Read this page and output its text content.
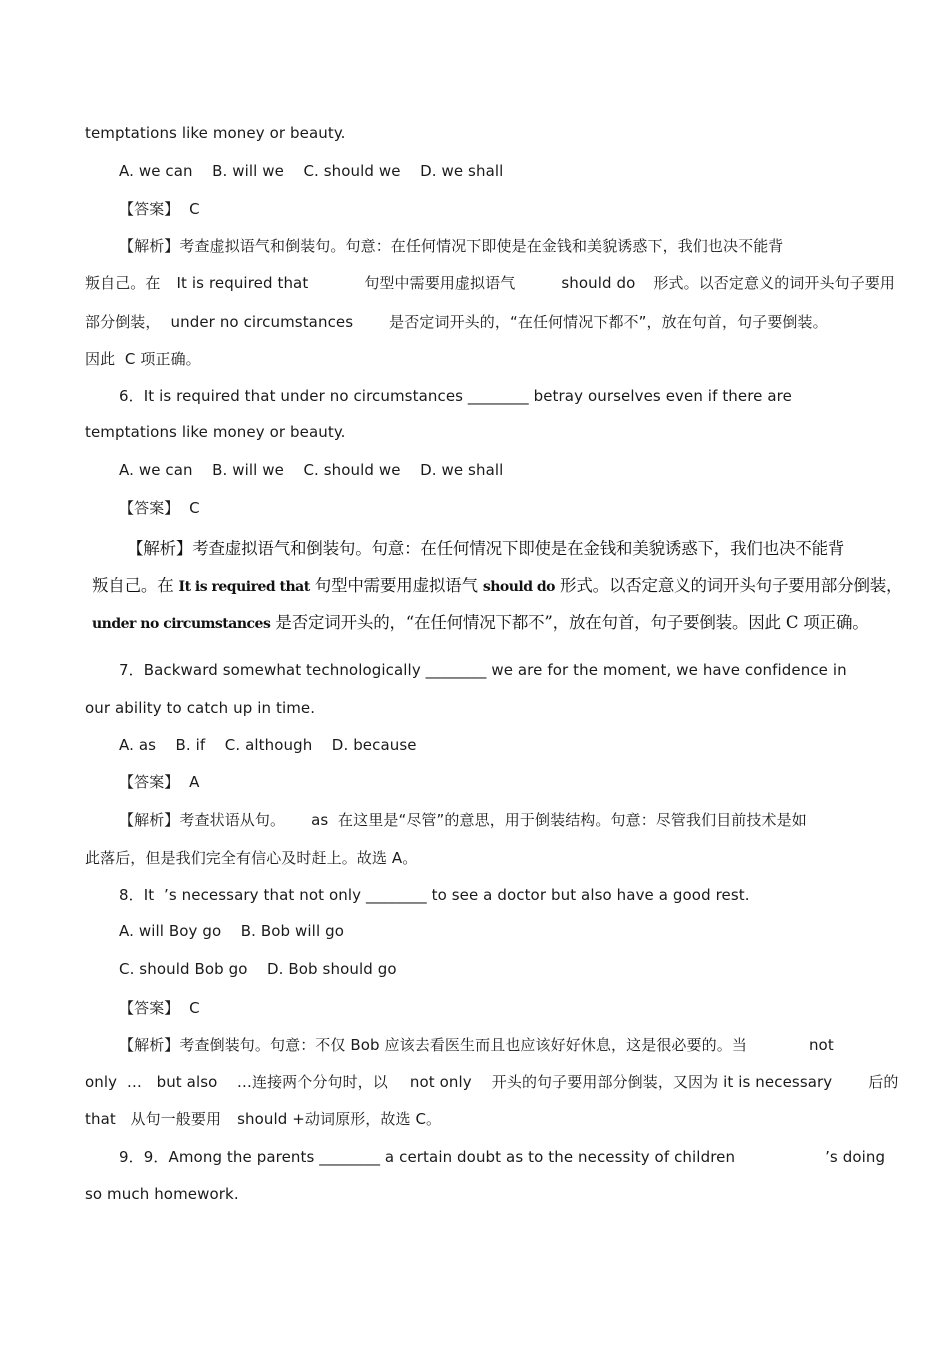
temptations like money or beauty.
A. we can    B. will we    C. should we    D. we shall
【答案】  C
【解析】考查虚拟语气和倒装句。句意：在任何情况下即使是在金钱和美貌诱惑下，我们也决不能背
叛自己。在 It is required that	句型中需要用虚拟语气	should do 形式。以否定意义的词开头句子要用
部分倒装， under no circumstances 是否定词开头的，“在任何情况下都不”，放在句首，句子要倒装。
因此  C 项正确。
6．It is required that under no circumstances ________ betray ourselves even if there are
temptations like money or beauty.
A. we can    B. will we    C. should we    D. we shall
【答案】  C
【解析】考查虚拟语气和倒装句。句意：在任何情况下即使是在金钱和美貌诱惑下，我们也决不能背
叛自己。在 It is required that 句型中需要用虚拟语气 should do 形式。以否定意义的词开头句子要用部分倒装，
under no circumstances 是否定词开头的，“在任何情况下都不”，放在句首，句子要倒装。因此 C 项正确。
7．Backward somewhat technologically ________ we are for the moment, we have confidence in
our ability to catch up in time.
A. as    B. if    C. although    D. because
【答案】  A
【解析】考查状语从句。 as  在这里是“尽管”的意思，用于倒装结构。句意：尽管我们目前技术是如
此落后，但是我们完全有信心及时赶上。故选 A。
8．It  ’s necessary that not only ________ to see a doctor but also have a good rest.
A. will Boy go    B. Bob will go
C. should Bob go    D. Bob should go
【答案】  C
【解析】考查倒装句。句意：不仅 Bob 应该去看医生而且也应该好好休息，这是很必要的。当	not
only  …   but also    …连接两个分句时，以 not only 开头的句子要用部分倒装，又因为 it is necessary 后的
that   从句一般要用 should +动词原形，故选 C。
9．9．Among the parents ________ a certain doubt as to the necessity of children	’s doing
so much homework.
